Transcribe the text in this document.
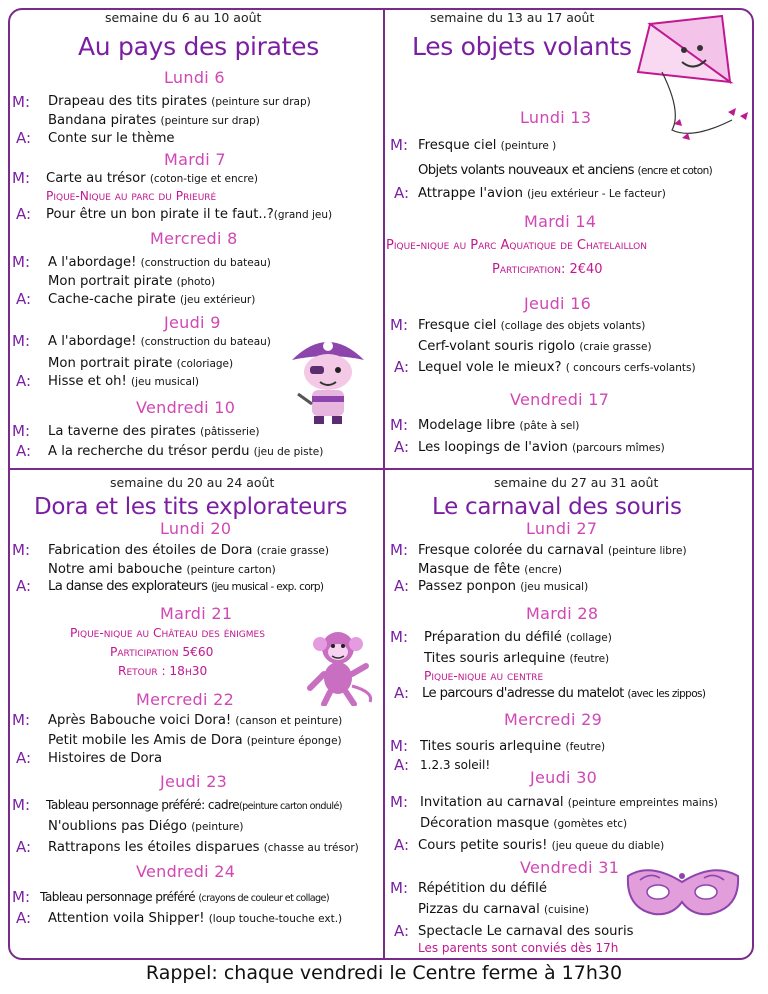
semaine du 6 au 10 août
Au pays des pirates
Lundi 6
M: Drapeau des tits pirates (peinture sur drap)
Bandana pirates (peinture sur drap)
A: Conte sur le thème
Mardi 7
M: Carte au trésor (coton-tige et encre)
Pique-Nique au parc du Prieuré
A: Pour être un bon pirate il te faut..?(grand jeu)
Mercredi 8
M: A l'abordage! (construction du bateau)
Mon portrait pirate (photo)
A: Cache-cache pirate (jeu extérieur)
Jeudi 9
M: A l'abordage! (construction du bateau)
Mon portrait pirate (coloriage)
A: Hisse et oh! (jeu musical)
Vendredi 10
M: La taverne des pirates (pâtisserie)
A: A la recherche du trésor perdu (jeu de piste)
semaine du 13 au 17 août
Les objets volants
Lundi 13
M: Fresque ciel (peinture )
Objets volants nouveaux et anciens (encre et coton)
A: Attrappe l'avion (jeu extérieur - Le facteur)
Mardi 14
Pique-nique au Parc Aquatique de Chatelaillon
Participation: 2€40
Jeudi 16
M: Fresque ciel (collage des objets volants)
Cerf-volant souris rigolo (craie grasse)
A: Lequel vole le mieux? ( concours cerfs-volants)
Vendredi 17
M: Modelage libre (pâte à sel)
A: Les loopings de l'avion (parcours mîmes)
semaine du 20 au 24 août
Dora et les tits explorateurs
Lundi 20
M: Fabrication des étoiles de Dora (craie grasse)
Notre ami babouche (peinture carton)
A: La danse des explorateurs (jeu musical - exp. corp)
Mardi 21
Pique-nique au Château des énigmes
Participation 5€60
Retour : 18h30
Mercredi 22
M: Après Babouche voici Dora! (canson et peinture)
Petit mobile les Amis de Dora (peinture éponge)
A: Histoires de Dora
Jeudi 23
M: Tableau personnage préféré: cadre(peinture carton ondulé)
N'oublions pas Diégo (peinture)
A: Rattrapons les étoiles disparues (chasse au trésor)
Vendredi 24
M: Tableau personnage préféré (crayons de couleur et collage)
A: Attention voila Shipper! (loup touche-touche ext.)
semaine du 27 au 31 août
Le carnaval des souris
Lundi 27
M: Fresque colorée du carnaval (peinture libre)
Masque de fête (encre)
A: Passez ponpon (jeu musical)
Mardi 28
M: Préparation du défilé (collage)
Tites souris arlequine (feutre)
Pique-nique au centre
A: Le parcours d'adresse du matelot (avec les zippos)
Mercredi 29
M: Tites souris arlequine (feutre)
A: 1.2.3 soleil!
Jeudi 30
M: Invitation au carnaval (peinture empreintes mains)
Décoration masque (gomètes etc)
A: Cours petite souris! (jeu queue du diable)
Vendredi 31
M: Répétition du défilé
Pizzas du carnaval (cuisine)
A: Spectacle Le carnaval des souris
Les parents sont conviés dès 17h
Rappel: chaque vendredi le Centre ferme à 17h30
